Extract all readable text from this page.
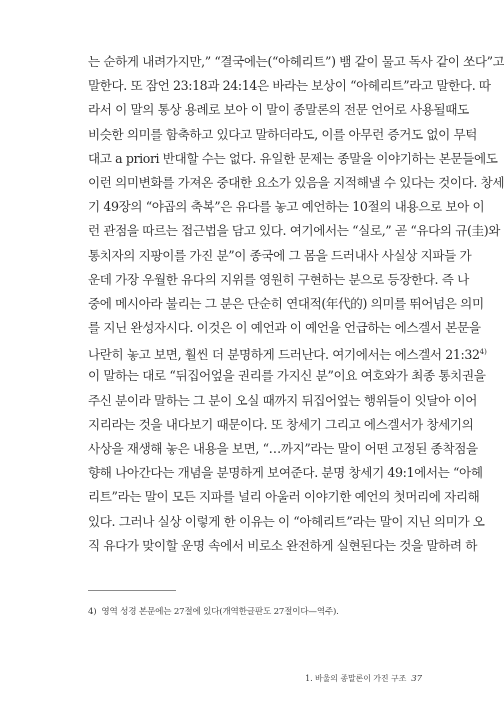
는 순하게 내려가지만,” “결국에는(“아헤리트”) 뱀 같이 물고 독사 같이 쏘다”고
말한다. 또 잠언 23:18과 24:14은 바라는 보상이 “아헤리트”라고 말한다. 따
라서 이 말의 통상 용례로 보아 이 말이 종말론의 전문 언어로 사용될때도
비슷한 의미를 함축하고 있다고 말하더라도, 이를 아무런 증거도 없이 무턱
대고 a priori 반대할 수는 없다. 유일한 문제는 종말을 이야기하는 본문들에도
이런 의미변화를 가져온 중대한 요소가 있음을 지적해낼 수 있다는 것이다. 창세
기 49장의 “야곱의 축복”은 유다를 놓고 예언하는 10절의 내용으로 보아 이
런 관점을 따르는 접근법을 담고 있다. 여기에서는 “실로,” 곧 “유다의 규(圭)와
통치자의 지팡이를 가진 분”이 종국에 그 몸을 드러내사 사실상 지파들 가
운데 가장 우월한 유다의 지위를 영원히 구현하는 분으로 등장한다. 즉 나
중에 메시아라 불리는 그 분은 단순히 연대적(年代的) 의미를 뛰어넘은 의미
를 지닌 완성자시다. 이것은 이 예언과 이 예언을 언급하는 에스겔서 본문을
나란히 놓고 보면, 훨씬 더 분명하게 드러난다. 여기에서는 에스겔서 21:32$^{4)}$
이 말하는 대로 “뒤집어엎을 권리를 가지신 분”이요 여호와가 최종 통치권을
주신 분이라 말하는 그 분이 오실 때까지 뒤집어엎는 행위들이 잇달아 이어
지리라는 것을 내다보기 때문이다. 또 창세기 그리고 에스겔서가 창세기의
사상을 재생해 놓은 내용을 보면, “…까지”라는 말이 어떤 고정된 종착점을
향해 나아간다는 개념을 분명하게 보여준다. 분명 창세기 49:1에서는 “아헤
리트”라는 말이 모든 지파를 널리 아울러 이야기한 예언의 첫머리에 자리해
있다. 그러나 실상 이렇게 한 이유는 이 “아헤리트”라는 말이 지닌 의미가 오
직 유다가 맞이할 운명 속에서 비로소 완전하게 실현된다는 것을 말하려 하
4) 영역 성경 본문에는 27절에 있다(개역한글판도 27절이다—역주).
1. 바울의 종말론이 가진 구조 37
